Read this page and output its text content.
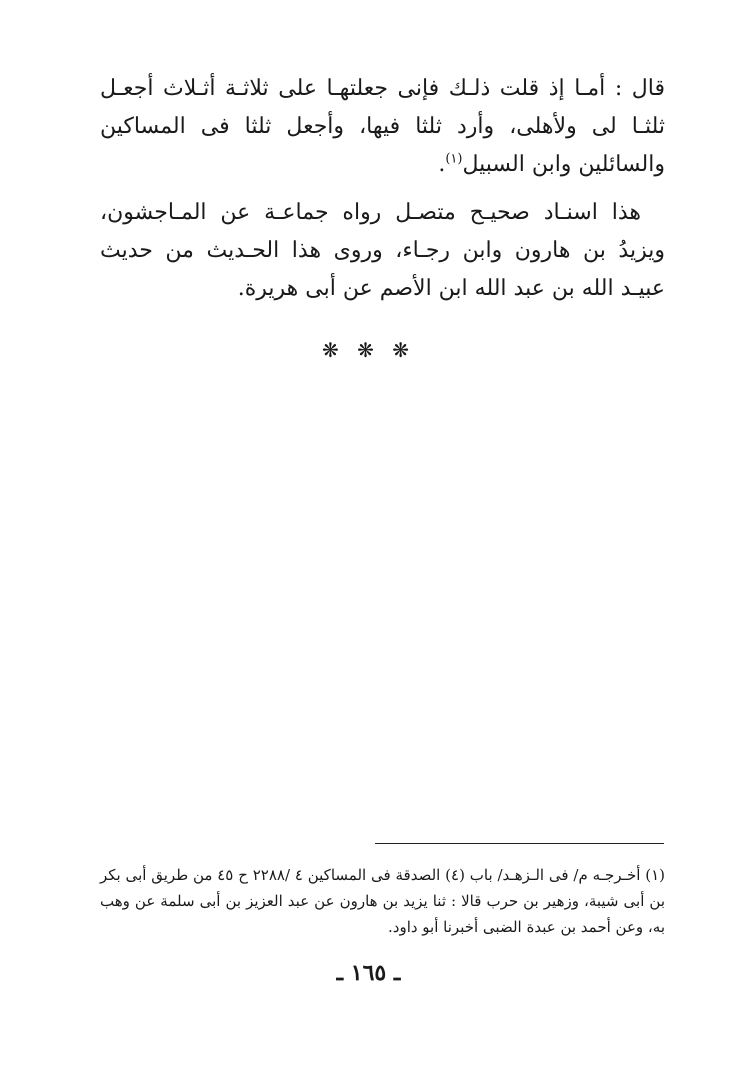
قال : أمـا إذ قلت ذلـك فإنى جعلتهـا على ثلاثـة أثـلاث أجعـل ثلثـا لى ولأهلى، وأرد ثلثا فيها، وأجعل ثلثا فى المساكين والسائلين وابن السبيل$^{(١)}$.

هذا اسنـاد صحيـح متصـل رواه جماعـة عن المـاجشون، ويزيدُ بن هارون وابن رجـاء، وروى هذا الحـديث من حديث عبيـد الله بن عبد الله ابن الأصم عن أبى هريرة.

❋ ❋ ❋
(١) أخـرجـه م/ فى الـزهـد/ باب (٤) الصدقة فى المساكين ٤ /٢٢٨٨ ح ٤٥ من طريق أبى بكر بن أبى شيبة، وزهير بن حرب قالا : ثنا يزيد بن هارون عن عبد العزيز بن أبى سلمة عن وهب به، وعن أحمد بن عبدة الضبى أخبرنا أبو داود.
ـ ١٦٥ ـ
